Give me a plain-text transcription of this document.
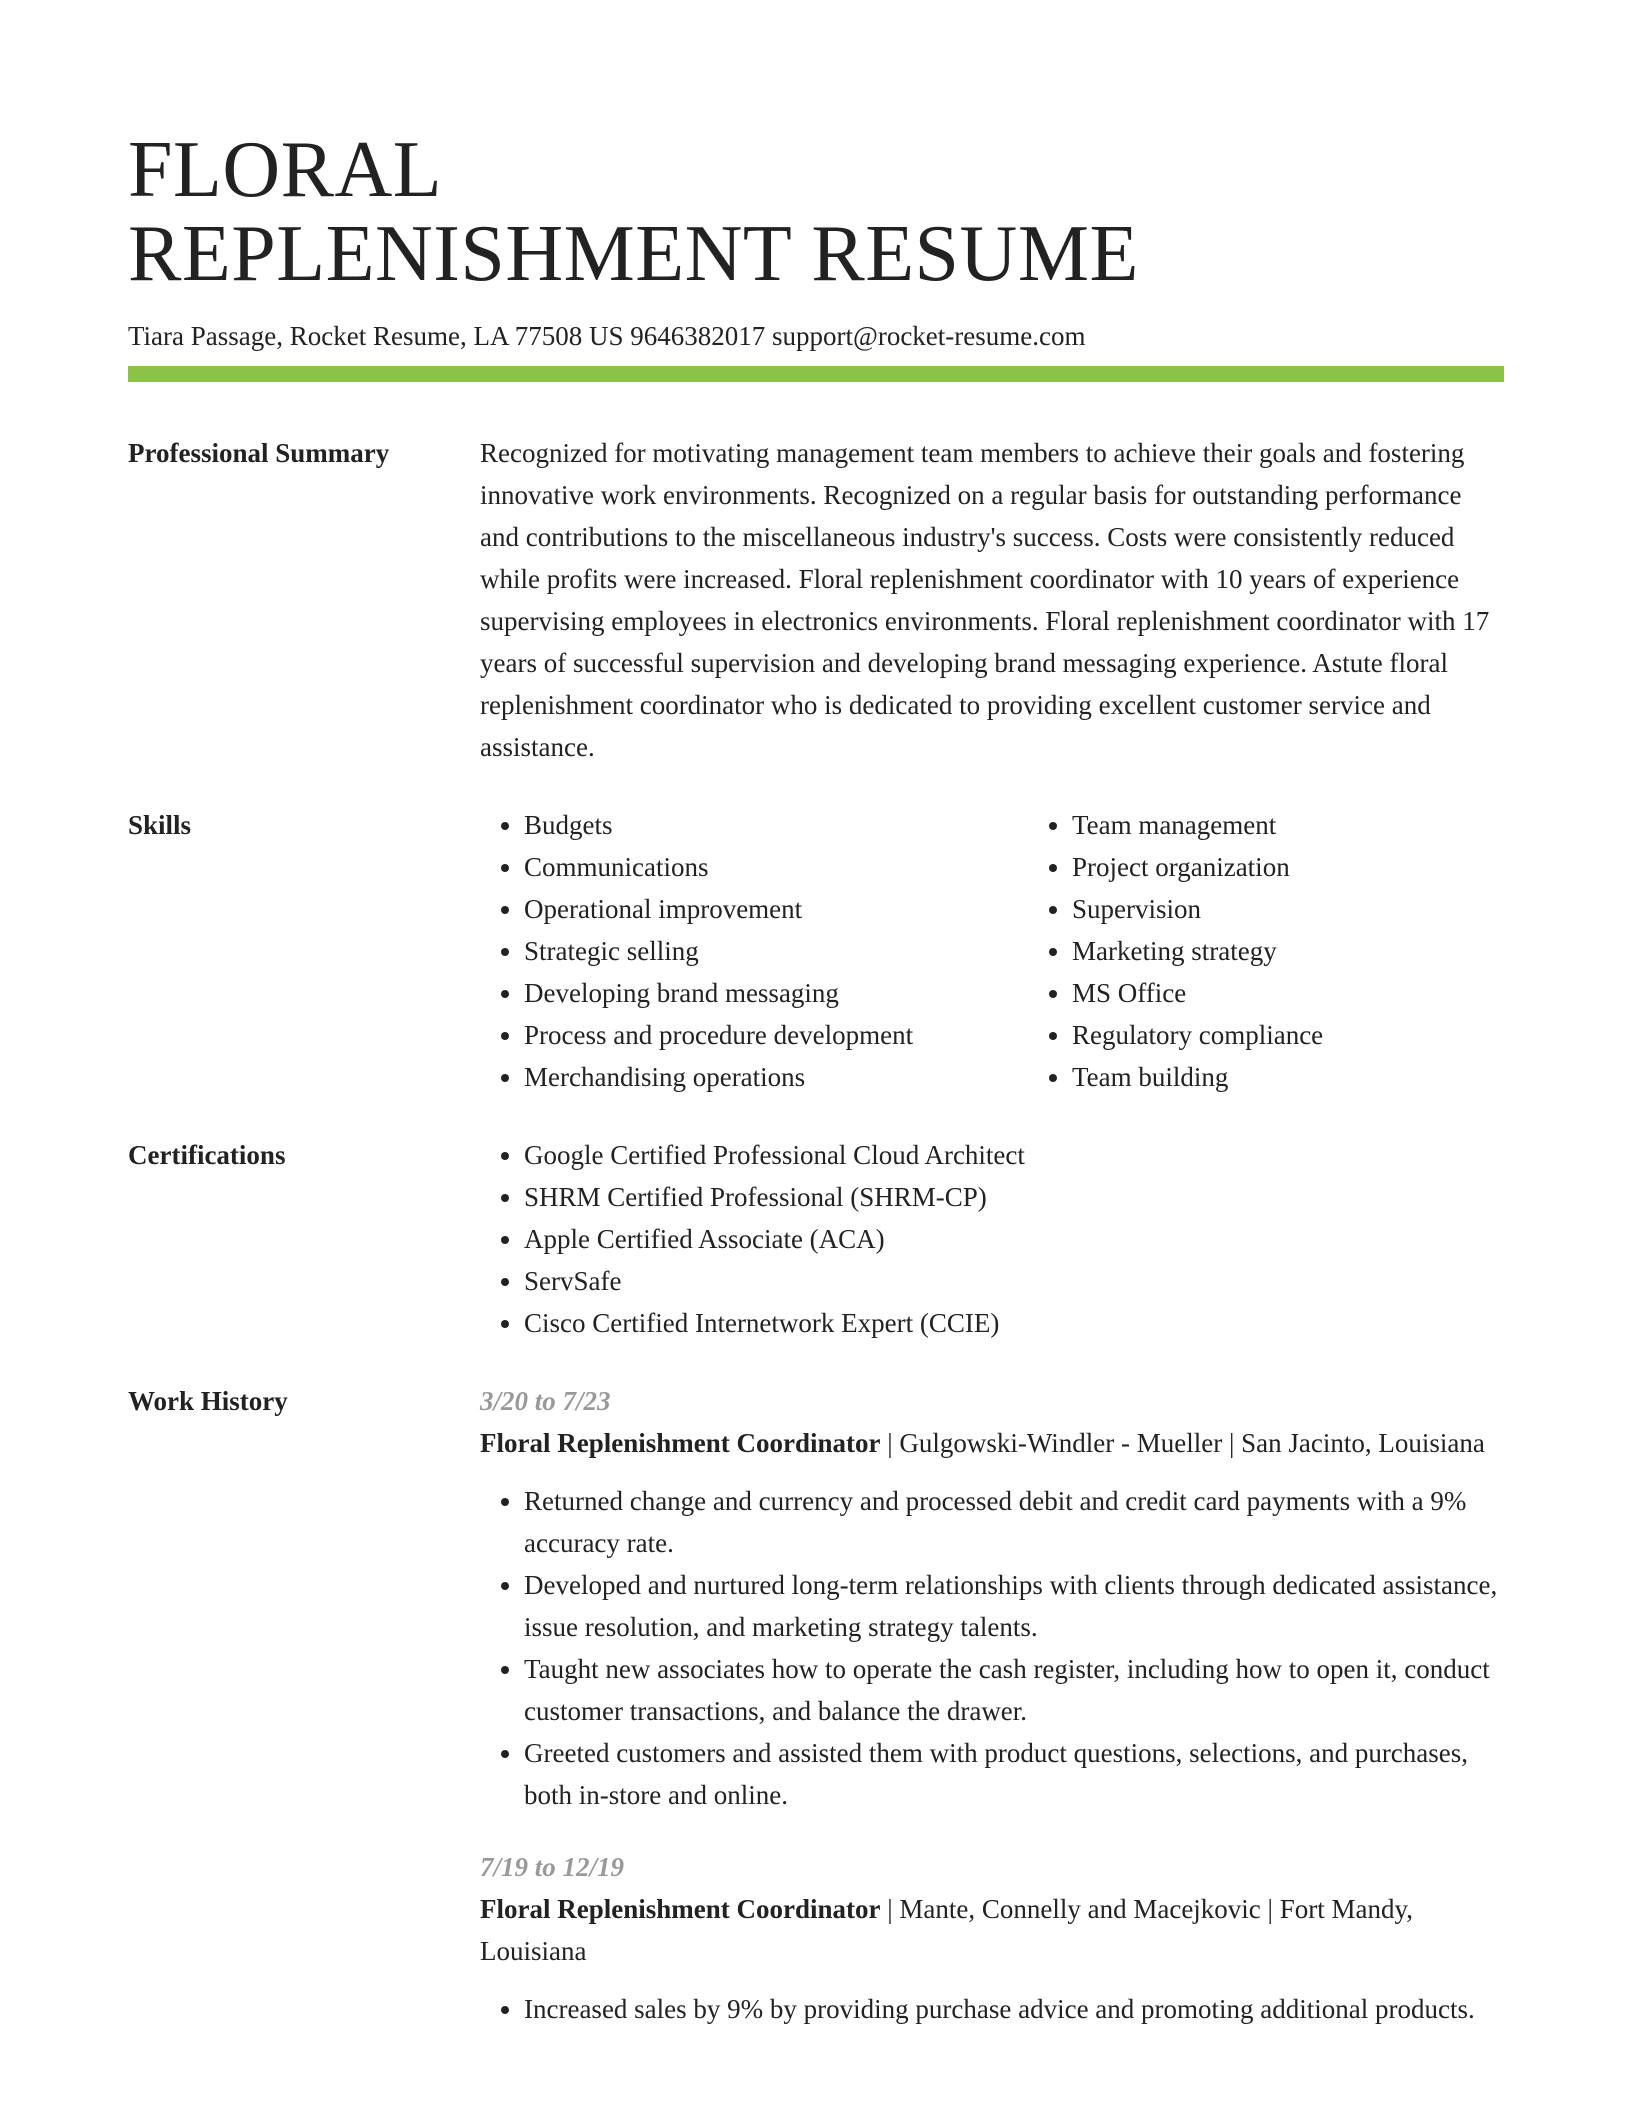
FLORAL
REPLENISHMENT RESUME
Tiara Passage, Rocket Resume, LA 77508 US 9646382017 support@rocket-resume.com
Professional Summary	Recognized for motivating management team members to achieve their goals and fostering innovative work environments. Recognized on a regular basis for outstanding performance and contributions to the miscellaneous industry's success. Costs were consistently reduced while profits were increased. Floral replenishment coordinator with 10 years of experience supervising employees in electronics environments. Floral replenishment coordinator with 17 years of successful supervision and developing brand messaging experience. Astute floral replenishment coordinator who is dedicated to providing excellent customer service and assistance.

Skills	• Budgets
• Communications
• Operational improvement
• Strategic selling
• Developing brand messaging
• Process and procedure development
• Merchandising operations
• Team management
• Project organization
• Supervision
• Marketing strategy
• MS Office
• Regulatory compliance
• Team building
Certifications	• Google Certified Professional Cloud Architect
• SHRM Certified Professional (SHRM-CP)
• Apple Certified Associate (ACA)
• ServSafe
• Cisco Certified Internetwork Expert (CCIE)
Work History	3/20 to 7/23
Floral Replenishment Coordinator | Gulgowski-Windler - Mueller | San Jacinto, Louisiana
• Returned change and currency and processed debit and credit card payments with a 9% accuracy rate.
• Developed and nurtured long-term relationships with clients through dedicated assistance, issue resolution, and marketing strategy talents.
• Taught new associates how to operate the cash register, including how to open it, conduct customer transactions, and balance the drawer.
• Greeted customers and assisted them with product questions, selections, and purchases, both in-store and online.
7/19 to 12/19
Floral Replenishment Coordinator | Mante, Connelly and Macejkovic | Fort Mandy, Louisiana
• Increased sales by 9% by providing purchase advice and promoting additional products.
